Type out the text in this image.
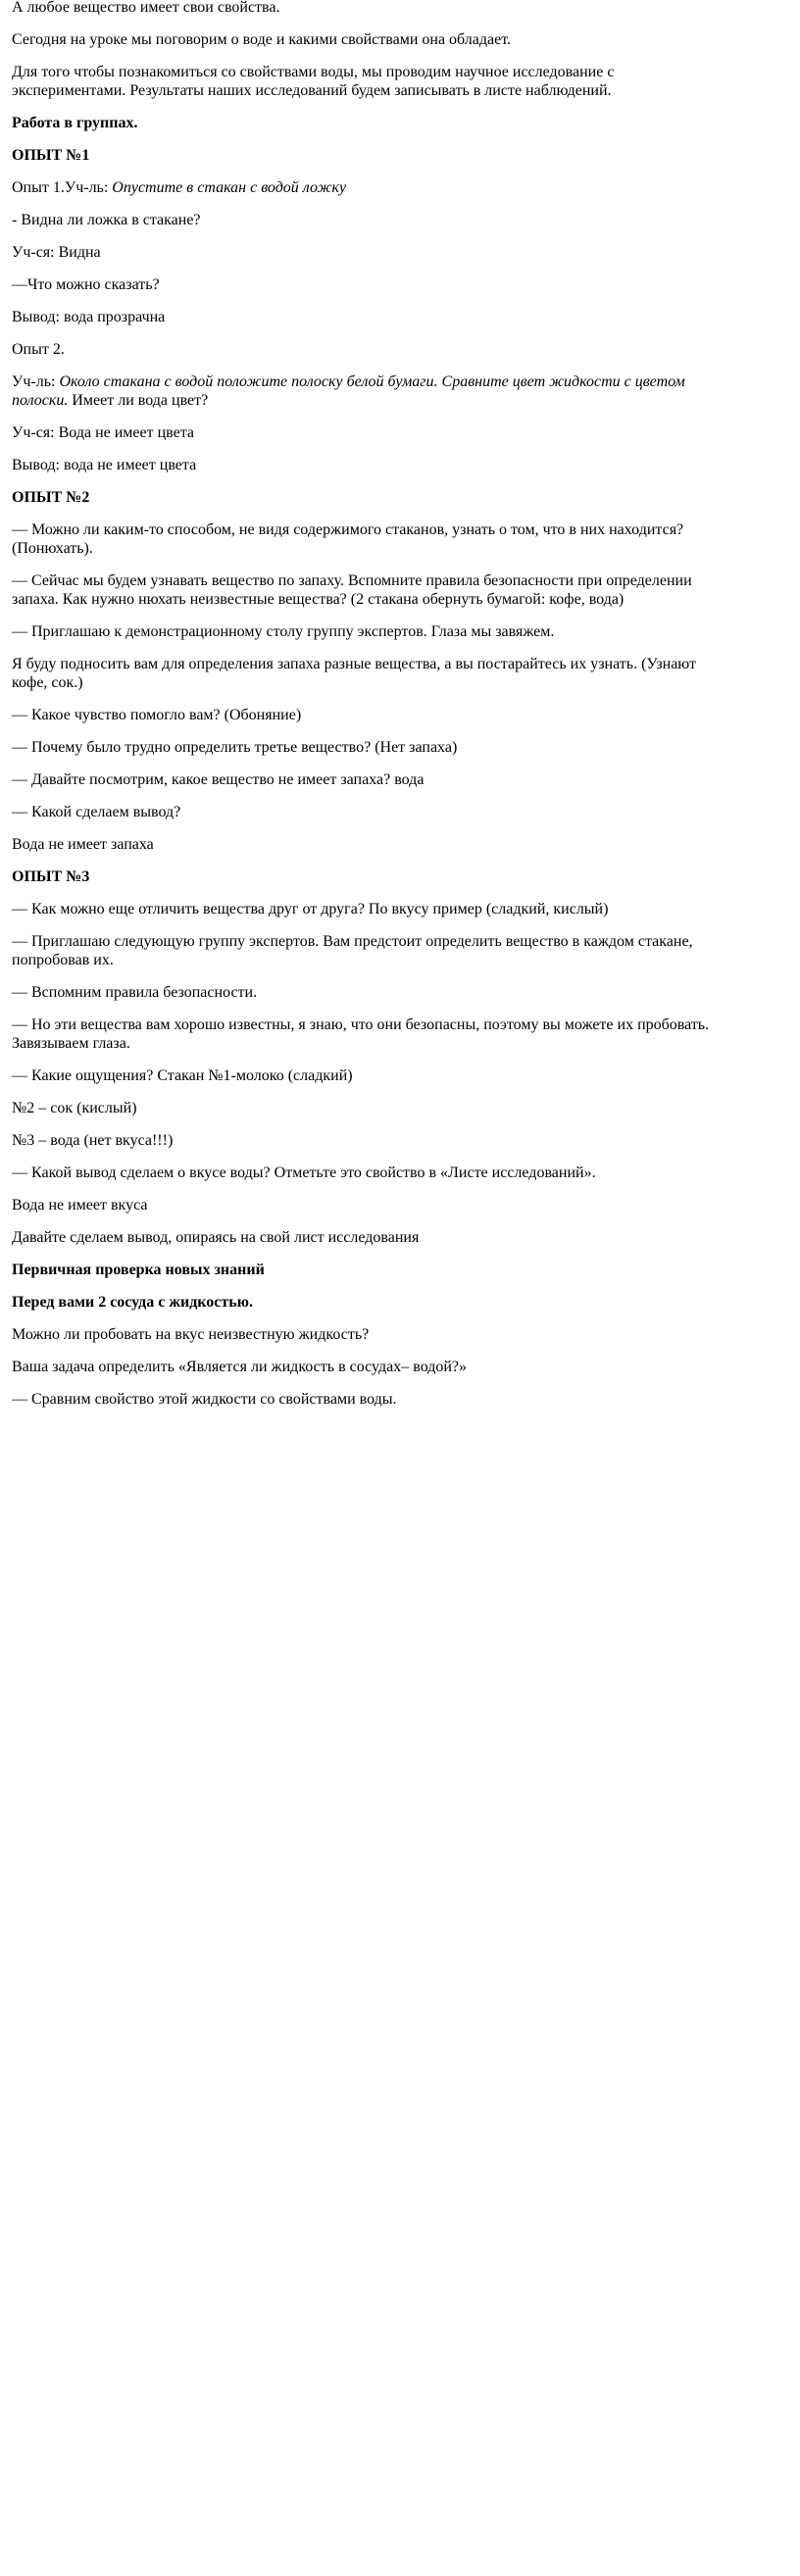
А любое вещество имеет свои свойства.

Сегодня на уроке мы поговорим о воде и какими свойствами она обладает.

Для того чтобы познакомиться со свойствами воды, мы проводим научное исследование с экспериментами. Результаты наших исследований будем записывать в листе наблюдений.

Работа в группах.

ОПЫТ №1

Опыт 1.Уч-ль: Опустите в стакан с водой ложку

- Видна ли ложка в стакане?

Уч-ся: Видна

—Что можно сказать?

Вывод: вода прозрачна

Опыт 2.

Уч-ль: Около стакана с водой положите полоску белой бумаги. Сравните цвет жидкости с цветом полоски. Имеет ли вода цвет?

Уч-ся: Вода не имеет цвета

Вывод: вода не имеет цвета

ОПЫТ №2

— Можно ли каким-то способом, не видя содержимого стаканов, узнать о том, что в них находится? (Понюхать).

— Сейчас мы будем узнавать вещество по запаху. Вспомните правила безопасности при определении запаха. Как нужно нюхать неизвестные вещества? (2 стакана обернуть бумагой: кофе, вода)

— Приглашаю к демонстрационному столу группу экспертов. Глаза мы завяжем.

Я буду подносить вам для определения запаха разные вещества, а вы постарайтесь их узнать. (Узнают кофе, сок.)

— Какое чувство помогло вам? (Обоняние)

— Почему было трудно определить третье вещество? (Нет запаха)

— Давайте посмотрим, какое вещество не имеет запаха? вода

— Какой сделаем вывод?

Вода не имеет запаха

ОПЫТ №3

— Как можно еще отличить вещества друг от друга? По вкусу пример (сладкий, кислый)

— Приглашаю следующую группу экспертов. Вам предстоит определить вещество в каждом стакане, попробовав их.

— Вспомним правила безопасности.

— Но эти вещества вам хорошо известны, я знаю, что они безопасны, поэтому вы можете их пробовать. Завязываем глаза.

— Какие ощущения? Стакан №1-молоко (сладкий)

№2 – сок (кислый)

№3 – вода (нет вкуса!!!)

— Какой вывод сделаем о вкусе воды? Отметьте это свойство в «Листе исследований».

Вода не имеет вкуса

Давайте сделаем вывод, опираясь на свой лист исследования

Первичная проверка новых знаний

Перед вами 2 сосуда с жидкостью.

Можно ли пробовать на вкус неизвестную жидкость?

Ваша задача определить «Является ли жидкость в сосудах– водой?»

— Сравним свойство этой жидкости со свойствами воды.
